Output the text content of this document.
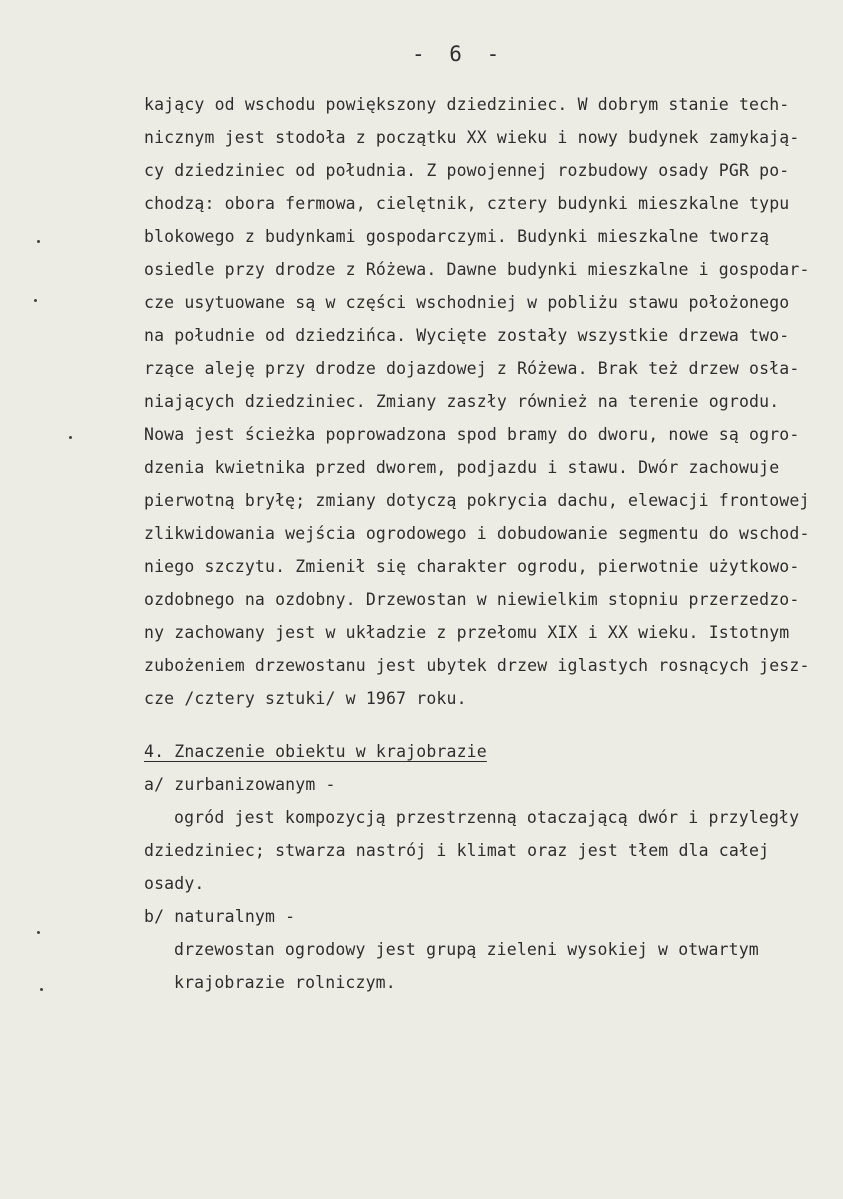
- 6 -
kający od wschodu powiększony dziedziniec. W dobrym stanie tech-
nicznym jest stodoła z początku XX wieku i nowy budynek zamykają-
cy dziedziniec od południa. Z powojennej rozbudowy osady PGR po-
chodzą: obora fermowa, cielętnik, cztery budynki mieszkalne typu
blokowego z budynkami gospodarczymi. Budynki mieszkalne tworzą
osiedle przy drodze z Różewa. Dawne budynki mieszkalne i gospodar-
cze usytuowane są w części wschodniej w pobliżu stawu położonego
na południe od dziedzińca. Wycięte zostały wszystkie drzewa two-
rzące aleję przy drodze dojazdowej z Różewa. Brak też drzew osła-
niających dziedziniec. Zmiany zaszły również na terenie ogrodu.
Nowa jest ścieżka poprowadzona spod bramy do dworu, nowe są ogro-
dzenia kwietnika przed dworem, podjazdu i stawu. Dwór zachowuje
pierwotną bryłę; zmiany dotyczą pokrycia dachu, elewacji frontowej
zlikwidowania wejścia ogrodowego i dobudowanie segmentu do wschod-
niego szczytu. Zmienił się charakter ogrodu, pierwotnie użytkowo-
ozdobnego na ozdobny. Drzewostan w niewielkim stopniu przerzedzo-
ny zachowany jest w układzie z przełomu XIX i XX wieku. Istotnym
zubożeniem drzewostanu jest ubytek drzew iglastych rosnących jesz-
cze /cztery sztuki/ w 1967 roku.
4. Znaczenie obiektu w krajobrazie
a/ zurbanizowanym -
ogród jest kompozycją przestrzenną otaczającą dwór i przyległy
dziedziniec; stwarza nastrój i klimat oraz jest tłem dla całej
osady.
b/ naturalnym -
drzewostan ogrodowy jest grupą zieleni wysokiej w otwartym
krajobrazie rolniczym.
